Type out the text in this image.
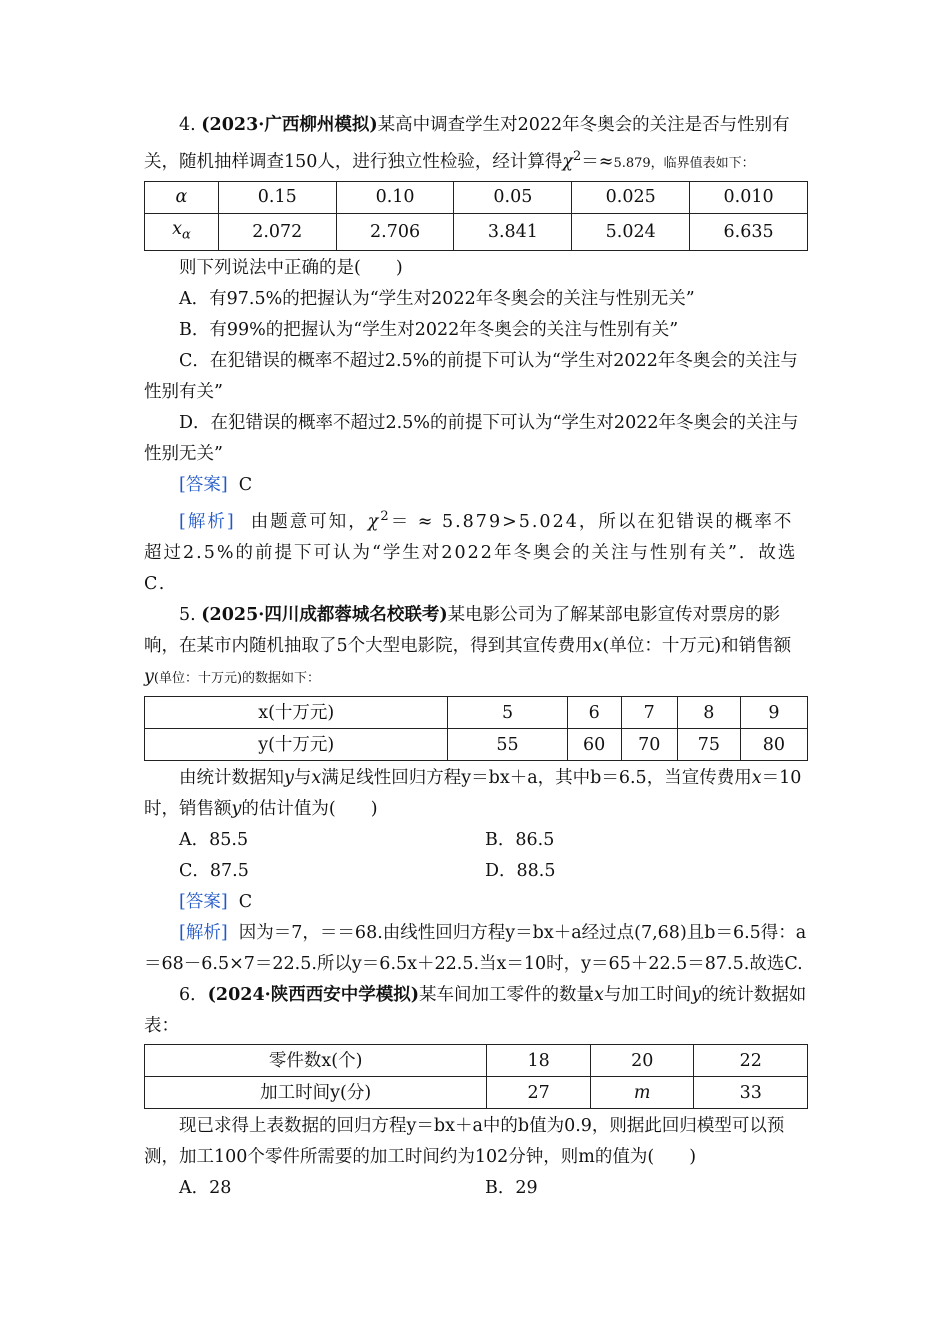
4. (2023·广西柳州模拟)某高中调查学生对2022年冬奥会的关注是否与性别有关，随机抽样调查150人，进行独立性检验，经计算得$\chi^2=\approx 5.879$，临界值表如下：

α	0.15	0.10	0.05	0.025	0.010
$x_\alpha$	2.072	2.706	3.841	5.024	6.635

则下列说法中正确的是(　　)

A．有97.5%的把握认为“学生对2022年冬奥会的关注与性别无关”

B．有99%的把握认为“学生对2022年冬奥会的关注与性别有关”

C．在犯错误的概率不超过2.5%的前提下可认为“学生对2022年冬奥会的关注与性别有关”

D．在犯错误的概率不超过2.5%的前提下可认为“学生对2022年冬奥会的关注与性别无关”

[答案] C

[解析] 由题意可知，$\chi^2= \approx 5.879>5.024$，所以在犯错误的概率不超过2.5%的前提下可认为“学生对2022年冬奥会的关注与性别有关”．故选C.

5. (2025·四川成都蓉城名校联考)某电影公司为了解某部电影宣传对票房的影响，在某市内随机抽取了5个大型电影院，得到其宣传费用x(单位：十万元)和销售额y(单位：十万元)的数据如下：

x(十万元)	5	6	7	8	9
y(十万元)	55	60	70	75	80

由统计数据知y与x满足线性回归方程y＝bx＋a，其中b＝6.5，当宣传费用x＝10时，销售额y的估计值为(　　)

A．85.5	B．86.5
C．87.5	D．88.5

[答案] C

[解析] 因为＝7，＝＝68.由线性回归方程y＝bx＋a经过点(7,68)且b＝6.5得：a＝68－6.5×7＝22.5.所以y＝6.5x＋22.5.当x＝10时，y＝65＋22.5＝87.5.故选C.

6．(2024·陕西西安中学模拟)某车间加工零件的数量x与加工时间y的统计数据如表：

零件数x(个)	18	20	22
加工时间y(分)	27	m	33

现已求得上表数据的回归方程y＝bx＋a中的b值为0.9，则据此回归模型可以预测，加工100个零件所需要的加工时间约为102分钟，则m的值为(　　)

A．28	B．29
